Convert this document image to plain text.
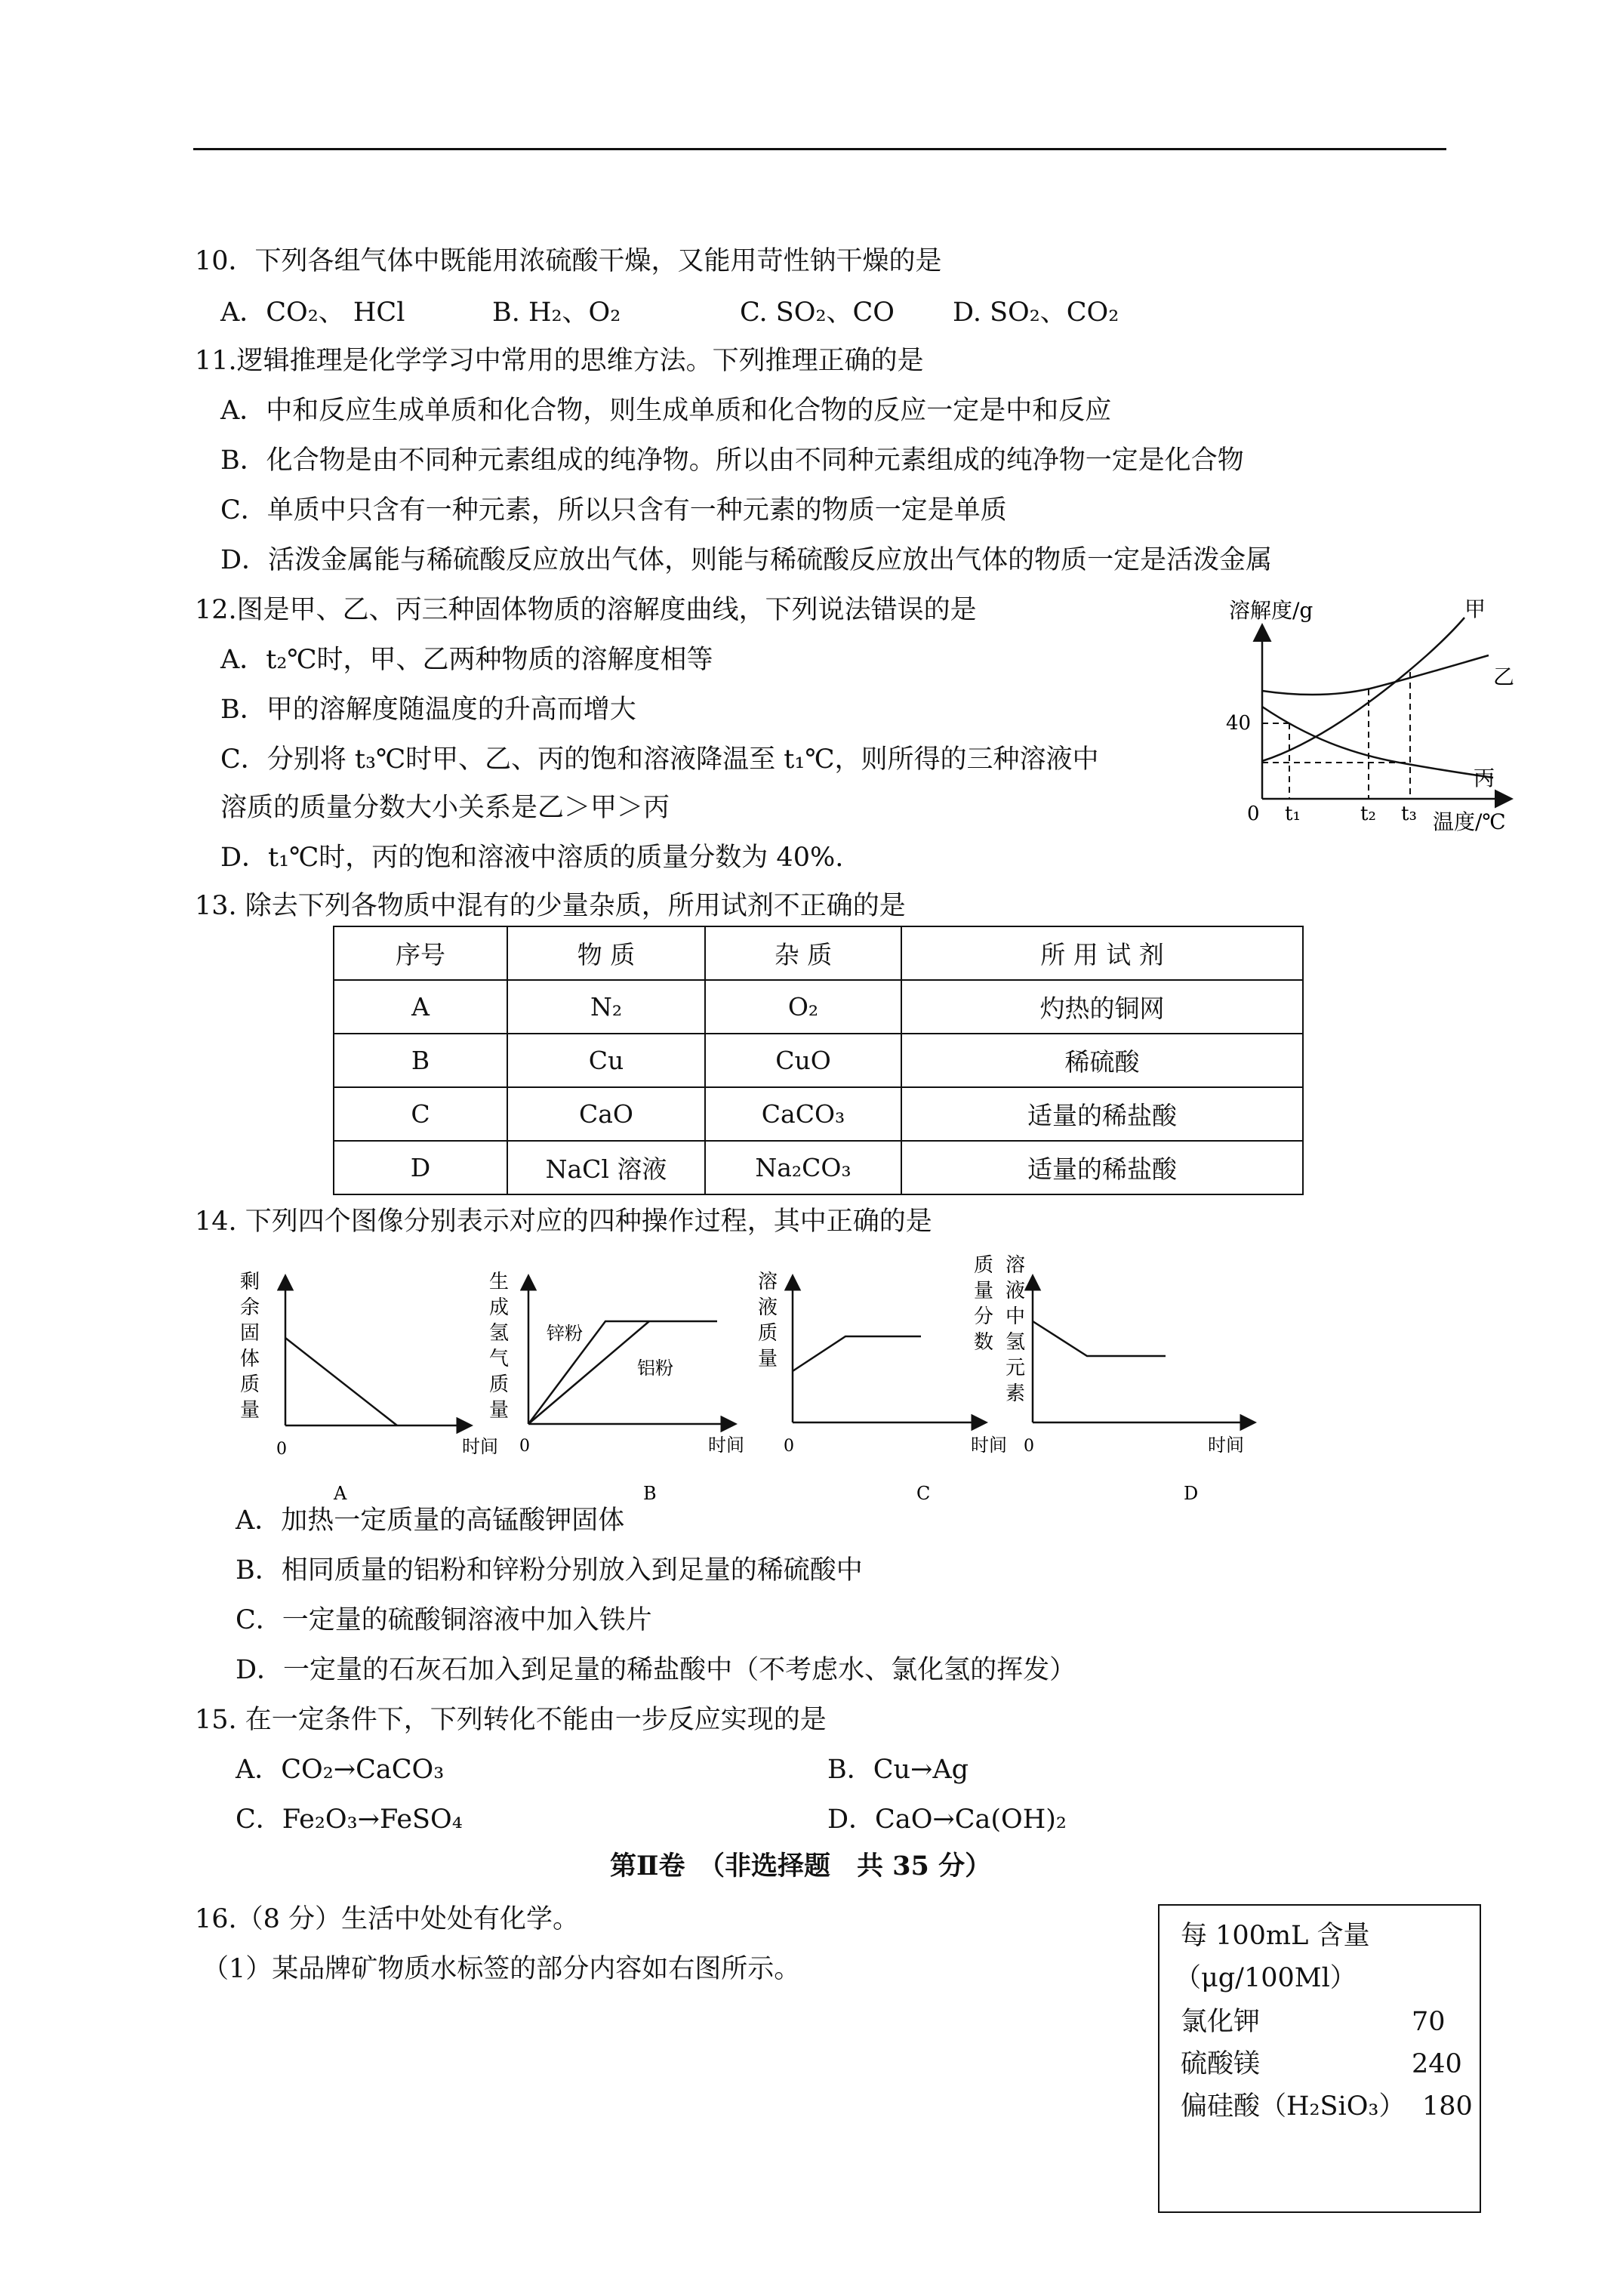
10．下列各组气体中既能用浓硫酸干燥，又能用苛性钠干燥的是
A．CO₂、 HCl	B. H₂、O₂	C. SO₂、CO D. SO₂、CO₂
11.逻辑推理是化学学习中常用的思维方法。下列推理正确的是
A．中和反应生成单质和化合物，则生成单质和化合物的反应一定是中和反应
B．化合物是由不同种元素组成的纯净物。所以由不同种元素组成的纯净物一定是化合物
C．单质中只含有一种元素，所以只含有一种元素的物质一定是单质
D．活泼金属能与稀硫酸反应放出气体，则能与稀硫酸反应放出气体的物质一定是活泼金属
12.图是甲、乙、丙三种固体物质的溶解度曲线，下列说法错误的是
A．t₂℃时，甲、乙两种物质的溶解度相等
B．甲的溶解度随温度的升高而增大
C．分别将 t₃℃时甲、乙、丙的饱和溶液降温至 t₁℃，则所得的三种溶液中
溶质的质量分数大小关系是乙＞甲＞丙
D．t₁℃时，丙的饱和溶液中溶质的质量分数为 40%.
溶解度/g
温度/℃
0
40
t₁	t₂ t₃
甲
乙
丙
13. 除去下列各物质中混有的少量杂质，所用试剂不正确的是
序号	物 质	杂 质	所 用 试 剂
A	N₂	O₂	灼热的铜网
B	Cu	CuO	稀硫酸
C	CaO	CaCO₃	适量的稀盐酸
D	NaCl 溶液	Na₂CO₃	适量的稀盐酸
14. 下列四个图像分别表示对应的四种操作过程，其中正确的是
剩
余
固
体
质
量
0	时间
A
生
成
氢
气
质
量
锌粉
铝粉
0	时间
B
溶
液
质
量
0	时间
C
质
量
分
数
溶
液
中
氢
元
素
0	时间
D
A．加热一定质量的高锰酸钾固体
B．相同质量的铝粉和锌粉分别放入到足量的稀硫酸中
C．一定量的硫酸铜溶液中加入铁片
D．一定量的石灰石加入到足量的稀盐酸中（不考虑水、氯化氢的挥发）
15. 在一定条件下，下列转化不能由一步反应实现的是
A．CO₂→CaCO₃	B．Cu→Ag
C．Fe₂O₃→FeSO₄	D．CaO→Ca(OH)₂
第Ⅱ卷　（非选择题　共 35 分）
16.（8 分）生活中处处有化学。
（1）某品牌矿物质水标签的部分内容如右图所示。
每 100mL 含量
（μg/100Ml）
氯化钾	70
硫酸镁	240
偏硅酸（H₂SiO₃） 180
